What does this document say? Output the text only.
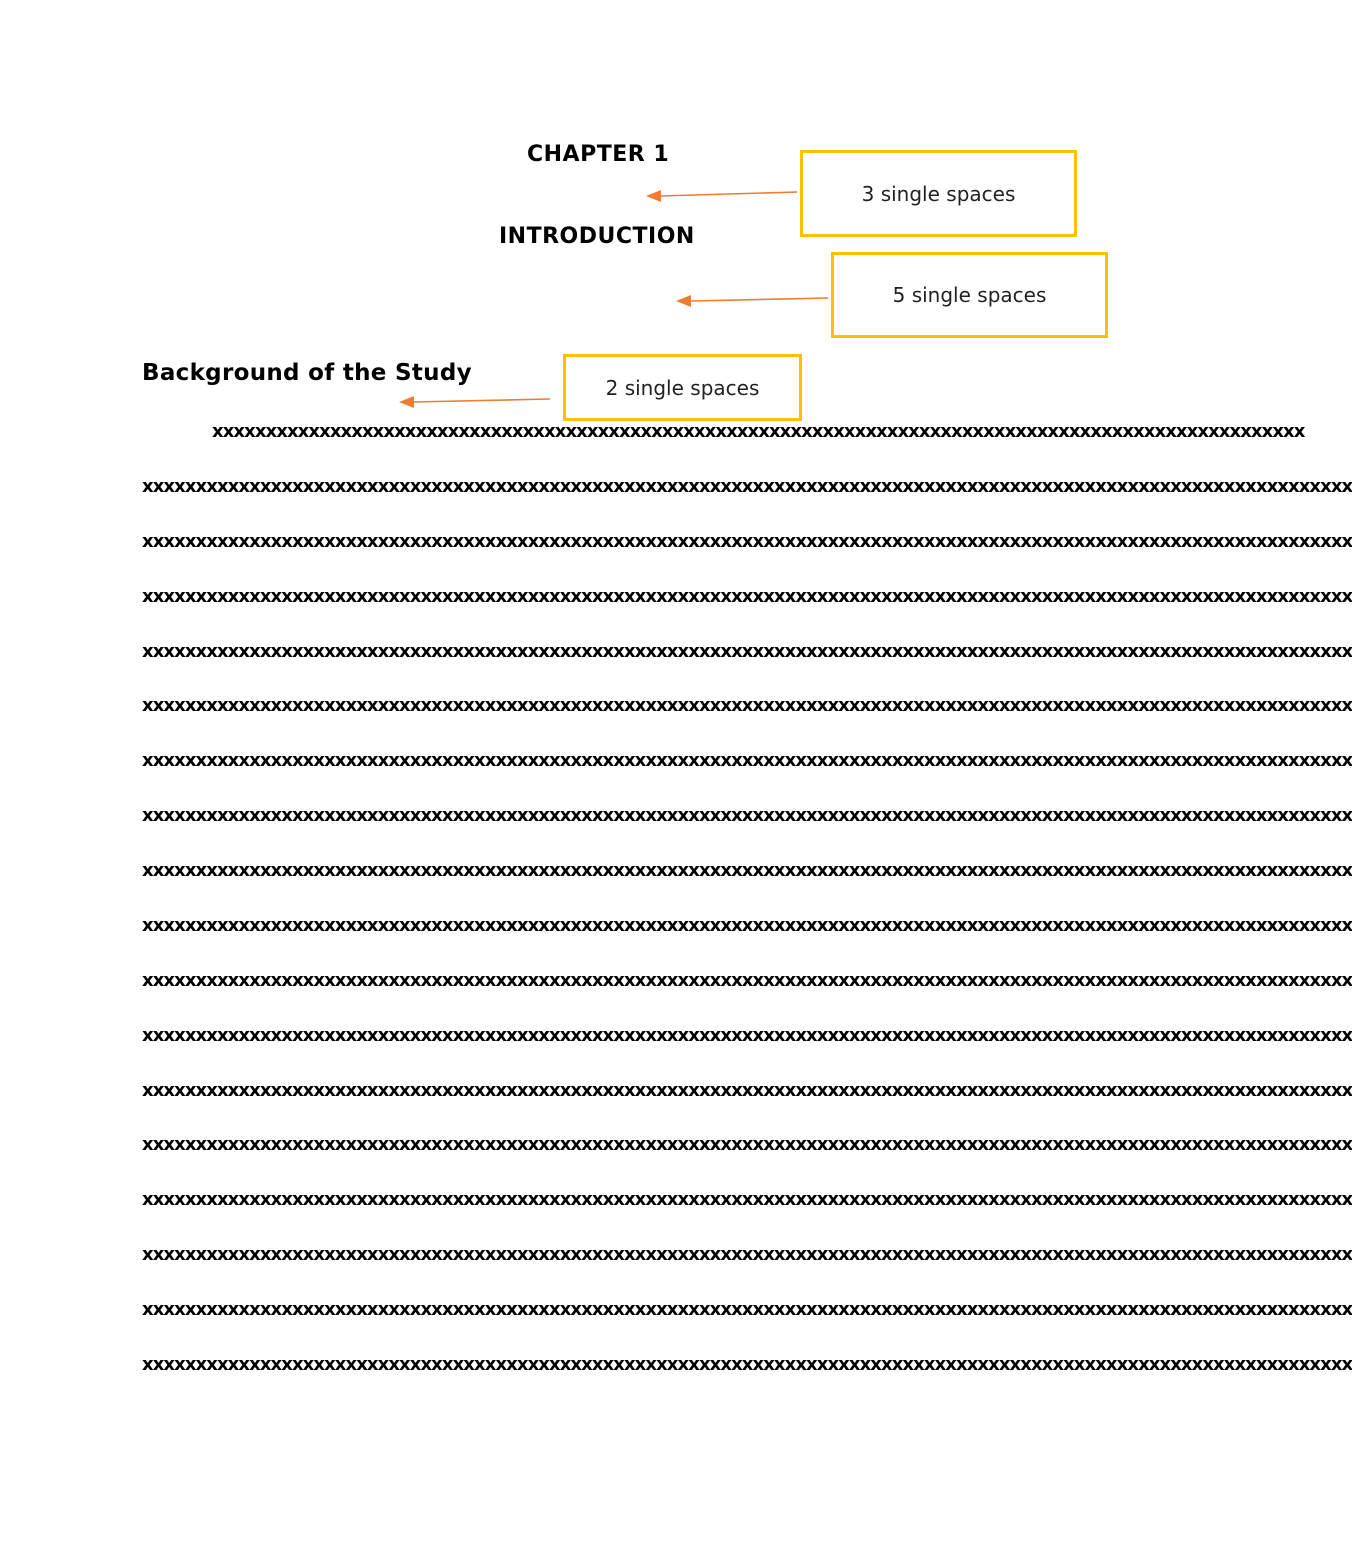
CHAPTER 1
INTRODUCTION
Background of the Study
3 single spaces
5 single spaces
2 single spaces
xxxxxxxxxxxxxxxxxxxxxxxxxxxxxxxxxxxxxxxxxxxxxxxxxxxxxxxxxxxxxxxxxxxxxxxxxxxxxxxxxxxxxxxxxxxxxxxxxxxxxx
xxxxxxxxxxxxxxxxxxxxxxxxxxxxxxxxxxxxxxxxxxxxxxxxxxxxxxxxxxxxxxxxxxxxxxxxxxxxxxxxxxxxxxxxxxxxxxxxxxxxxxxxxxxxxxxxx
xxxxxxxxxxxxxxxxxxxxxxxxxxxxxxxxxxxxxxxxxxxxxxxxxxxxxxxxxxxxxxxxxxxxxxxxxxxxxxxxxxxxxxxxxxxxxxxxxxxxxxxxxxxxxxxxx
xxxxxxxxxxxxxxxxxxxxxxxxxxxxxxxxxxxxxxxxxxxxxxxxxxxxxxxxxxxxxxxxxxxxxxxxxxxxxxxxxxxxxxxxxxxxxxxxxxxxxxxxxxxxxxxxx
xxxxxxxxxxxxxxxxxxxxxxxxxxxxxxxxxxxxxxxxxxxxxxxxxxxxxxxxxxxxxxxxxxxxxxxxxxxxxxxxxxxxxxxxxxxxxxxxxxxxxxxxxxxxxxxxx
xxxxxxxxxxxxxxxxxxxxxxxxxxxxxxxxxxxxxxxxxxxxxxxxxxxxxxxxxxxxxxxxxxxxxxxxxxxxxxxxxxxxxxxxxxxxxxxxxxxxxxxxxxxxxxxxx
xxxxxxxxxxxxxxxxxxxxxxxxxxxxxxxxxxxxxxxxxxxxxxxxxxxxxxxxxxxxxxxxxxxxxxxxxxxxxxxxxxxxxxxxxxxxxxxxxxxxxxxxxxxxxxxxx
xxxxxxxxxxxxxxxxxxxxxxxxxxxxxxxxxxxxxxxxxxxxxxxxxxxxxxxxxxxxxxxxxxxxxxxxxxxxxxxxxxxxxxxxxxxxxxxxxxxxxxxxxxxxxxxxx
xxxxxxxxxxxxxxxxxxxxxxxxxxxxxxxxxxxxxxxxxxxxxxxxxxxxxxxxxxxxxxxxxxxxxxxxxxxxxxxxxxxxxxxxxxxxxxxxxxxxxxxxxxxxxxxxx
xxxxxxxxxxxxxxxxxxxxxxxxxxxxxxxxxxxxxxxxxxxxxxxxxxxxxxxxxxxxxxxxxxxxxxxxxxxxxxxxxxxxxxxxxxxxxxxxxxxxxxxxxxxxxxxxx
xxxxxxxxxxxxxxxxxxxxxxxxxxxxxxxxxxxxxxxxxxxxxxxxxxxxxxxxxxxxxxxxxxxxxxxxxxxxxxxxxxxxxxxxxxxxxxxxxxxxxxxxxxxxxxxxx
xxxxxxxxxxxxxxxxxxxxxxxxxxxxxxxxxxxxxxxxxxxxxxxxxxxxxxxxxxxxxxxxxxxxxxxxxxxxxxxxxxxxxxxxxxxxxxxxxxxxxxxxxxxxxxxxx
xxxxxxxxxxxxxxxxxxxxxxxxxxxxxxxxxxxxxxxxxxxxxxxxxxxxxxxxxxxxxxxxxxxxxxxxxxxxxxxxxxxxxxxxxxxxxxxxxxxxxxxxxxxxxxxxx
xxxxxxxxxxxxxxxxxxxxxxxxxxxxxxxxxxxxxxxxxxxxxxxxxxxxxxxxxxxxxxxxxxxxxxxxxxxxxxxxxxxxxxxxxxxxxxxxxxxxxxxxxxxxxxxxx
xxxxxxxxxxxxxxxxxxxxxxxxxxxxxxxxxxxxxxxxxxxxxxxxxxxxxxxxxxxxxxxxxxxxxxxxxxxxxxxxxxxxxxxxxxxxxxxxxxxxxxxxxxxxxxxxx
xxxxxxxxxxxxxxxxxxxxxxxxxxxxxxxxxxxxxxxxxxxxxxxxxxxxxxxxxxxxxxxxxxxxxxxxxxxxxxxxxxxxxxxxxxxxxxxxxxxxxxxxxxxxxxxxx
xxxxxxxxxxxxxxxxxxxxxxxxxxxxxxxxxxxxxxxxxxxxxxxxxxxxxxxxxxxxxxxxxxxxxxxxxxxxxxxxxxxxxxxxxxxxxxxxxxxxxxxxxxxxxxxxx
xxxxxxxxxxxxxxxxxxxxxxxxxxxxxxxxxxxxxxxxxxxxxxxxxxxxxxxxxxxxxxxxxxxxxxxxxxxxxxxxxxxxxxxxxxxxxxxxxxxxxxxxxxxxxxxxx
